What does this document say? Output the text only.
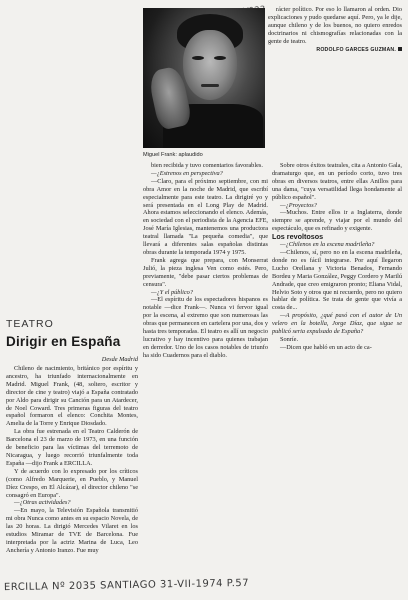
rácter político. Por eso lo llamaron al orden. Dio explicaciones y pudo quedarse aquí. Pero, ya le dije, aunque chileno y de los buenos, no quiero enredos doctrinarios ni chismografías relacionadas con la gente de teatro.

RODOLFO GARCES GUZMAN.
Miguel Frank: aplaudido
TEATRO
Dirigir en España
Desde Madrid

Chileno de nacimiento, británico por espíritu y ancestro, ha triunfado internacionalmente en Madrid. Miguel Frank, (48, soltero, escritor y director de cine y teatro) viajó a España contratado por Aldo para dirigir su Canción para un Atardecer, de Noel Coward. Tres primeras figuras del teatro español formaron el elenco: Conchita Montes, Amelia de la Torre y Enrique Diosdado.

La obra fue estrenada en el Teatro Calderón de Barcelona el 23 de marzo de 1973, en una función de beneficio para las víctimas del terremoto de Nicaragua, y luego recorrió triunfalmente toda España —dijo Frank a ERCILLA.

Y de acuerdo con lo expresado por los críticos (como Alfredo Marquerie, en Pueblo, y Manuel Díez Crespo, en El Alcázar), el director chileno "se consagró en Europa".

—¿Otras actividades?

—En mayo, la Televisión Española transmitió mi obra Nunca como antes en su espacio Novela, de las 20 horas. La dirigió Mercedes Vilaret en los estudios Miramar de TVE de Barcelona. Fue interpretada por la actriz Marina de Luca, Leo Anchería y Antonio Iranzo. Fue muy

bien recibida y tuvo comentarios favorables.

—¿Estrenos en perspectiva?

—Claro, para el próximo septiembre, con mi obra Amor en la noche de Madrid, que escribí especialmente para este teatro. La dirigiré yo y será presentada en el Long Play de Madrid. Ahora estamos seleccionando el elenco. Además, en sociedad con el periodista de la Agencia EFE, José María Iglesias, mantenemos una productora teatral llamada "La pequeña comedia", que llevará a diferentes salas españolas distintas obras durante la temporada 1974 y 1975.

Frank agrega que prepara, con Monserrat Julió, la pieza inglesa Ven como estés. Pero, previamente, "debe pasar ciertos problemas de censura".

—¿Y el público?

—El espíritu de los espectadores hispanos es notable —dice Frank—. Nunca vi fervor igual por la escena, al extremo que son numerosas las obras que permanecen en cartelera por una, dos y hasta tres temporadas. El teatro es allí un negocio lucrativo y hay incentivo para quienes trabajan en derredor. Uno de los casos notables de triunfo ha sido Cuadernos para el diablo.

Sobre otros éxitos teatrales, cita a Antonio Gala, dramaturgo que, en un período corto, tuvo tres obras en diversos teatros, entre ellas Anillos para una dama, "cuya versatilidad llega hondamente al público español".

—¿Proyectos?

—Muchos. Entre ellos ir a Inglaterra, donde siempre se aprende, y viajar por el mundo del espectáculo, que es refinado y exigente.

Los revoltosos

—¿Chilenos en la escena madrileña?

—Chilenos, sí, pero no en la escena madrileña, donde no es fácil integrarse. Por aquí llegaron Lucho Orellana y Victoria Benados, Fernando Bordeu y Maria González, Peggy Cordero y Marilú Andrade, que creo emigraron pronto; Eliana Vidal, Helvio Soto y otros que ni recuerdo, pero no quiero hablar de política. Se trata de gente que vivía a costa de...

—A propósito, ¿qué pasó con el autor de Un velero en la botella, Jorge Díaz, que sigue se publicó seria expulsado de España?

Sonríe.

—Dicen que habló en un acto de ca-

ERCILLA Nº 2035 SANTIAGO 31-VII-1974 P.57
